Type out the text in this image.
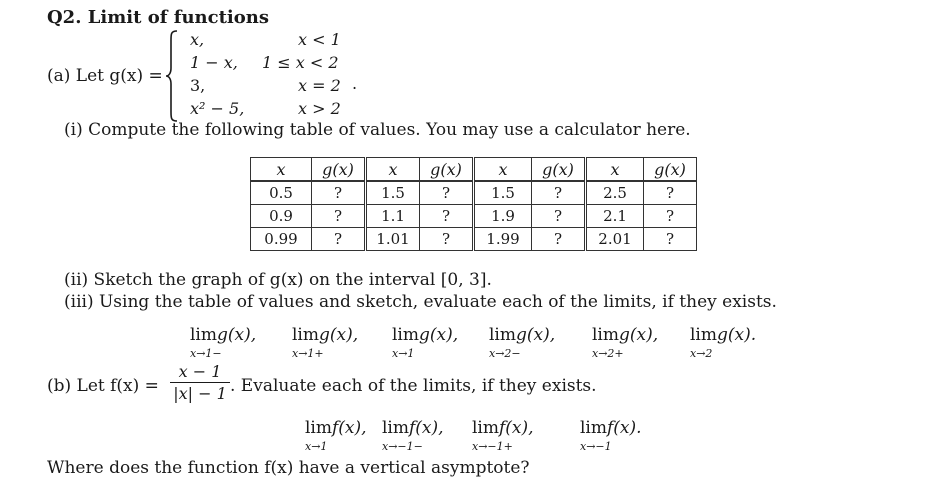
Q2. Limit of functions
(a) Let g(x) =
x,	x < 1
1 − x, 1 ≤ x < 2
3,	x = 2 .
x² − 5,	x > 2
(i) Compute the following table of values. You may use a calculator here.
x	g(x)	x	g(x)	x	g(x)	x	g(x)
0.5	?	1.5	?	1.5	?	2.5	?
0.9	?	1.1	?	1.9	?	2.1	?
0.99	?	1.01	?	1.99	?	2.01	?
(ii) Sketch the graph of g(x) on the interval [0, 3].
(iii) Using the table of values and sketch, evaluate each of the limits, if they exists.
limg(x),
x→1−
limg(x),
x→1+
limg(x),
x→1
limg(x),
x→2−
limg(x),
x→2+
limg(x).
x→2
(b) Let f(x) =
x − 1
|x| − 1 . Evaluate each of the limits, if they exists.
limf(x),
x→1
limf(x),
x→−1−
limf(x),
x→−1+
limf(x).
x→−1
Where does the function f(x) have a vertical asymptote?
